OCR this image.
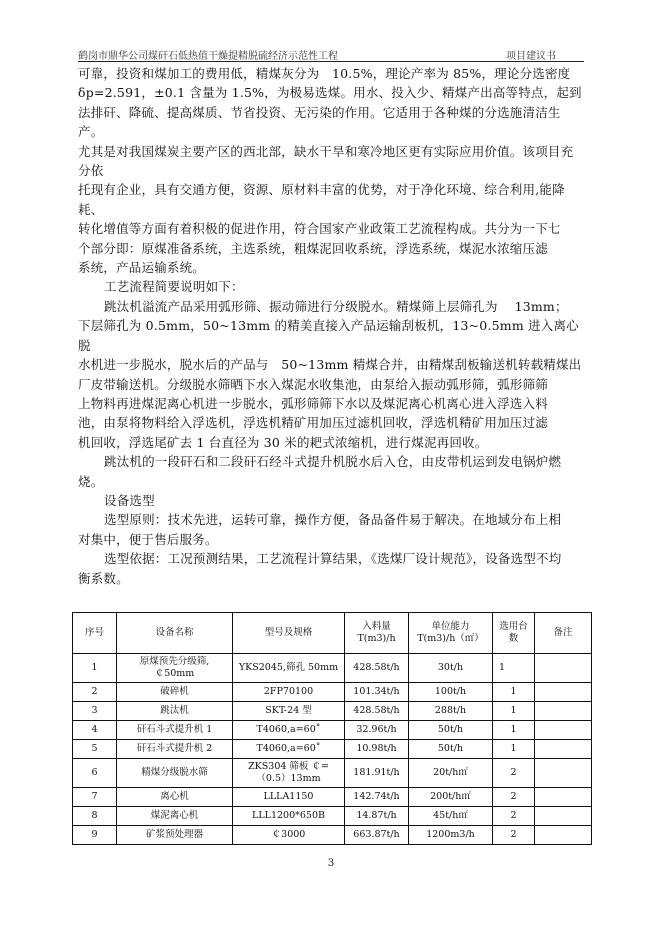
鹤岗市鼎华公司煤矸石低热值干燥提精脱硫经济示范性工程	项目建议书

可靠，投资和煤加工的费用低，精煤灰分为　10.5%，理论产率为 85%，理论分选密度

δp=2.591，±0.1 含量为 1.5%，为极易选煤。用水、投入少、精煤产出高等特点，起到

法排矸、降硫、提高煤质、节省投资、无污染的作用。它适用于各种煤的分选施清洁生产。

尤其是对我国煤炭主要产区的西北部，缺水干旱和寒冷地区更有实际应用价值。该项目充分依

托现有企业，具有交通方便，资源、原材料丰富的优势，对于净化环境、综合利用,能降耗、

转化增值等方面有着积极的促进作用，符合国家产业政策工艺流程构成。共分为一下七

个部分即：原煤准备系统，主选系统，粗煤泥回收系统，浮选系统，煤泥水浓缩压滤

系统，产品运输系统。

工艺流程简要说明如下：

跳汰机溢流产品采用弧形筛、振动筛进行分级脱水。精煤筛上层筛孔为　 13mm；

下层筛孔为 0.5mm，50~13mm 的精美直接入产品运输刮板机，13~0.5mm 进入离心脱

水机进一步脱水，脱水后的产品与　50~13mm 精煤合并，由精煤刮板输送机转载精煤出

厂皮带输送机。分级脱水筛晒下水入煤泥水收集池，由泵给入振动弧形筛，弧形筛筛

上物料再进煤泥离心机进一步脱水，弧形筛筛下水以及煤泥离心机离心进入浮选入料

池，由泵将物料给入浮选机，浮选机精矿用加压过滤机回收，浮选机精矿用加压过滤

机回收，浮选尾矿去 1 台直径为 30 米的耙式浓缩机，进行煤泥再回收。

跳汰机的一段矸石和二段矸石经斗式提升机脱水后入仓，由皮带机运到发电锅炉燃

烧。

设备选型

选型原则：技术先进，运转可靠，操作方便，备品备件易于解决。在地域分布上相

对集中，便于售后服务。

选型依据：工况预测结果，工艺流程计算结果，《选煤厂设计规范》，设备选型不均

衡系数。

序号	设备名称	型号及规格	入料量 T(m3)/h	单位能力 T(m3)/h（㎡）	选用台数	备注
1	原煤预先分级筛, ￠50mm	YKS2045,筛孔 50mm	428.58t/h	30t/h	1	
2	破碎机	2FP70100	101.34t/h	100t/h	1	
3	跳汰机	SKT-24 型	428.58t/h	288t/h	1	
4	矸石斗式提升机 1	T4060,a=60˚	32.96t/h	50t/h	1	
5	矸石斗式提升机 2	T4060,a=60˚	10.98t/h	50t/h	1	
6	精煤分级脱水筛	ZKS304 筛板 ￠=（0.5）13mm	181.91t/h	20t/h㎡	2	
7	离心机	LLLA1150	142.74t/h	200t/h㎡	2	
8	煤泥离心机	LLL1200*650B	14.87t/h	45t/h㎡	2	
9	矿浆预处理器	￠3000	663.87t/h	1200m3/h	2	
3
